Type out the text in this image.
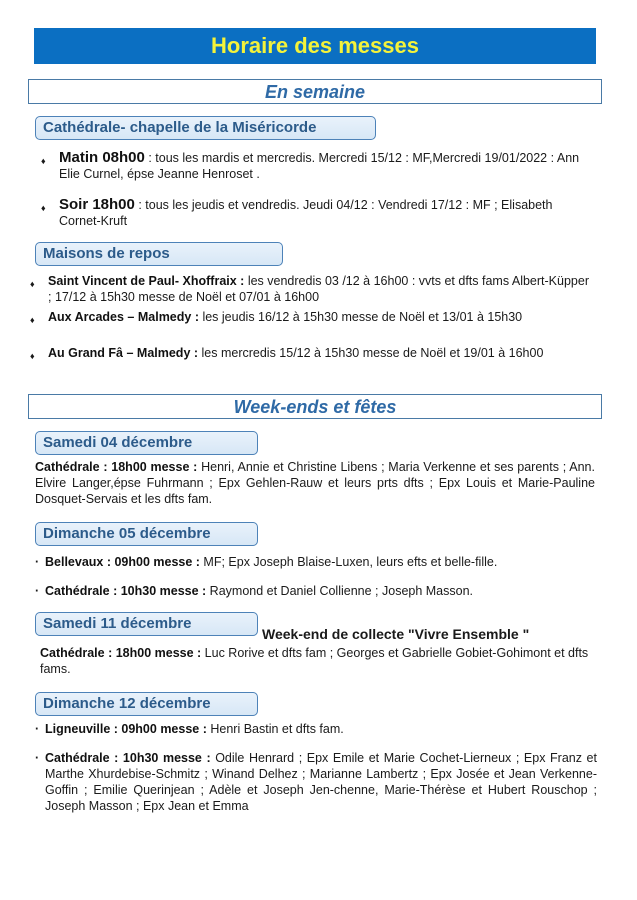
Horaire des messes
En semaine
Cathédrale- chapelle de la Miséricorde
♦ Matin 08h00 : tous les mardis et mercredis. Mercredi 15/12 : MF,Mercredi 19/01/2022 : Ann Elie Curnel, épse Jeanne Henroset .
♦ Soir 18h00 : tous les jeudis et vendredis. Jeudi 04/12 : Vendredi 17/12 : MF ; Elisabeth Cornet-Kruft
Maisons de repos
♦ Saint Vincent de Paul- Xhoffraix : les vendredis 03 /12 à 16h00 : vvts et dfts fams Albert-Küpper ; 17/12 à 15h30 messe de Noël et 07/01 à 16h00
♦ Aux Arcades – Malmedy : les jeudis 16/12 à 15h30 messe de Noël et 13/01 à 15h30
♦ Au Grand Fâ – Malmedy : les mercredis 15/12 à 15h30 messe de Noël et 19/01 à 16h00
Week-ends et fêtes
Samedi 04 décembre
Cathédrale : 18h00 messe : Henri, Annie et Christine Libens ; Maria Verkenne et ses parents ; Ann. Elvire Langer,épse Fuhrmann ; Epx Gehlen-Rauw et leurs prts dfts ; Epx Louis et Marie-Pauline Dosquet-Servais et les dfts fam.
Dimanche 05 décembre
· Bellevaux : 09h00 messe : MF; Epx Joseph Blaise-Luxen, leurs efts et belle-fille.
· Cathédrale : 10h30 messe : Raymond et Daniel Collienne ; Joseph Masson.
Samedi 11 décembre
Week-end de collecte "Vivre Ensemble "
Cathédrale : 18h00 messe : Luc Rorive et dfts fam ; Georges et Gabrielle Gobiet-Gohimont et dfts fams.
Dimanche 12 décembre
· Ligneuville : 09h00 messe : Henri Bastin et dfts fam.
· Cathédrale : 10h30 messe : Odile Henrard ; Epx Emile et Marie Cochet-Lierneux ; Epx Franz et Marthe Xhurdebise-Schmitz ; Winand Delhez ; Marianne Lambertz ; Epx Josée et Jean Verkenne-Goffin ; Emilie Querinjean ; Adèle et Joseph Jen-chenne, Marie-Thérèse et Hubert Rouschop ; Joseph Masson ; Epx Jean et Emma
